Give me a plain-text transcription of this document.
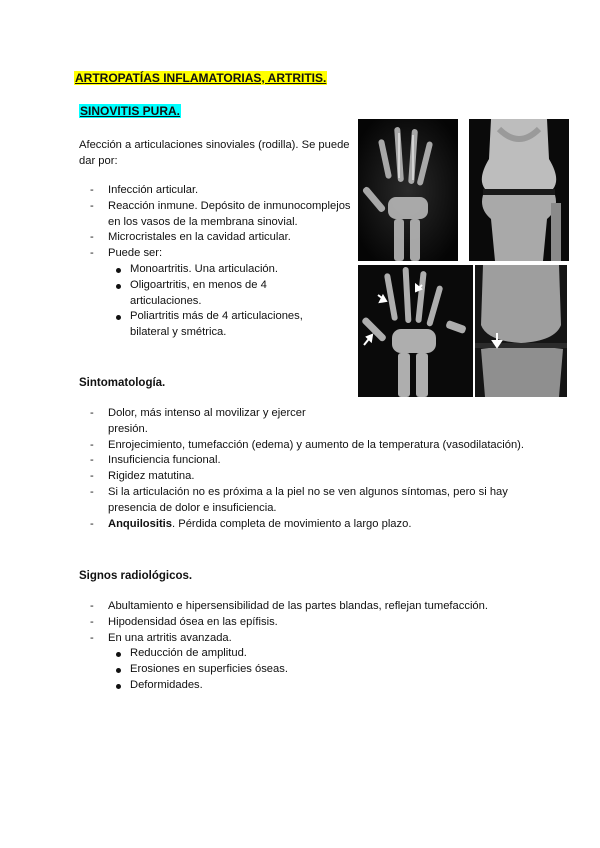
ARTROPATÍAS INFLAMATORIAS, ARTRITIS.
SINOVITIS PURA.
Afección a articulaciones sinoviales (rodilla). Se puede dar por:
- Infección articular.
- Reacción inmune. Depósito de inmunocomplejos en los vasos de la membrana sinovial.
- Microcristales en la cavidad articular.
- Puede ser:
Monoartritis. Una articulación.
Oligoartritis, en menos de 4 articulaciones.
Poliartritis más de 4 articulaciones, bilateral y smétrica.
Sintomatología.
- Dolor, más intenso al movilizar y ejercer presión.
- Enrojecimiento, tumefacción (edema) y aumento de la temperatura (vasodilatación).
- Insuficiencia funcional.
- Rigidez matutina.
- Si la articulación no es próxima a la piel no se ven algunos síntomas, pero si hay presencia de dolor e insuficiencia.
- Anquilositis. Pérdida completa de movimiento a largo plazo.
Signos radiológicos.
- Abultamiento e hipersensibilidad de las partes blandas, reflejan tumefacción.
- Hipodensidad ósea en las epífisis.
- En una artritis avanzada.
Reducción de amplitud.
Erosiones en superficies óseas.
Deformidades.
